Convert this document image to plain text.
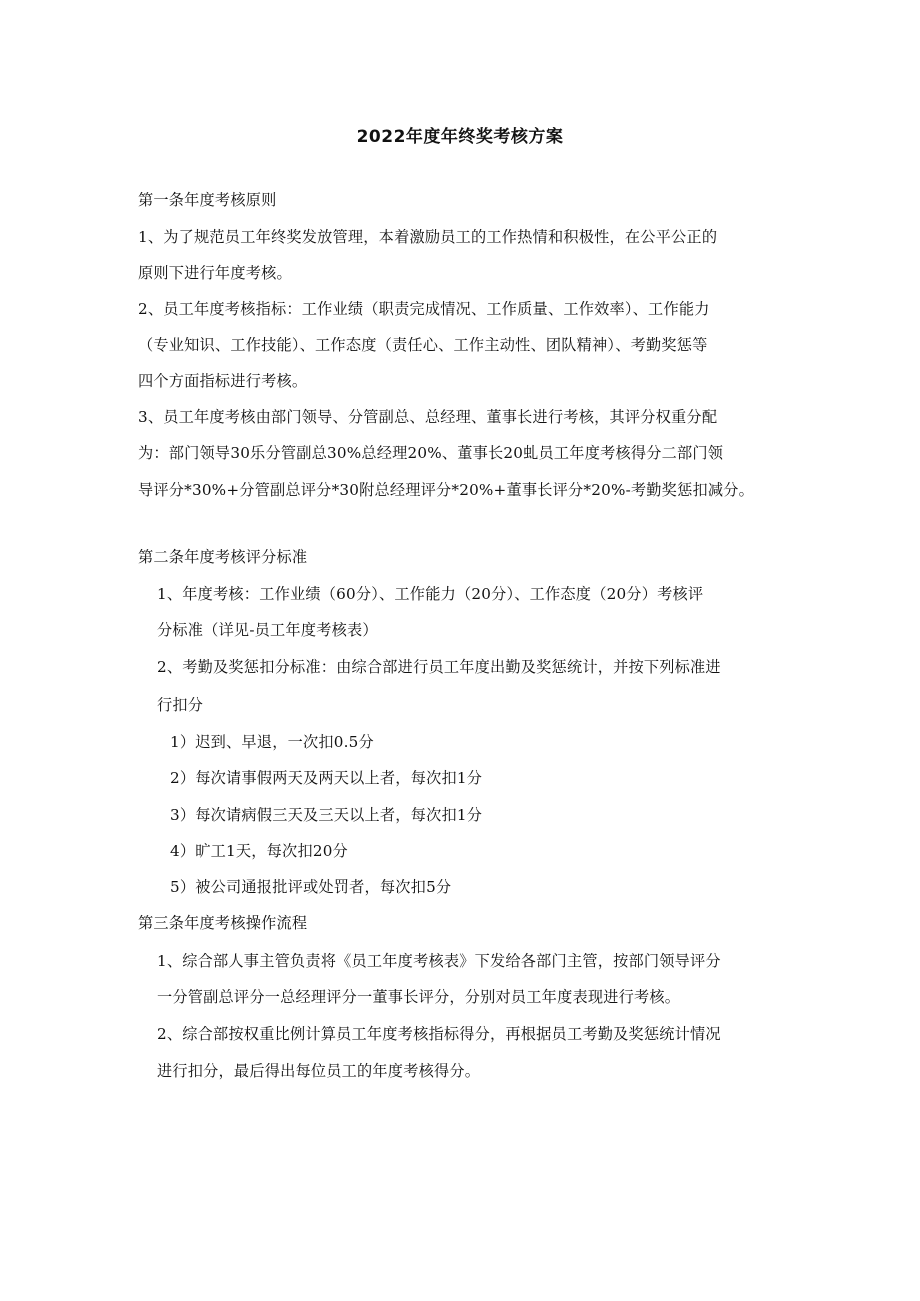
2022年度年终奖考核方案
第一条年度考核原则
1、为了规范员工年终奖发放管理，本着激励员工的工作热情和积极性，在公平公正的
原则下进行年度考核。
2、员工年度考核指标：工作业绩（职责完成情况、工作质量、工作效率）、工作能力
（专业知识、工作技能）、工作态度（责任心、工作主动性、团队精神）、考勤奖惩等
四个方面指标进行考核。
3、员工年度考核由部门领导、分管副总、总经理、董事长进行考核，其评分权重分配
为：部门领导30乐分管副总30%总经理20%、董事长20虬员工年度考核得分二部门领
导评分*30%+分管副总评分*30附总经理评分*20%+董事长评分*20%-考勤奖惩扣减分。
第二条年度考核评分标准
1、年度考核：工作业绩（60分）、工作能力（20分）、工作态度（20分）考核评
分标准（详见-员工年度考核表）
2、考勤及奖惩扣分标准：由综合部进行员工年度出勤及奖惩统计，并按下列标准进
行扣分
1）迟到、早退，一次扣0.5分
2）每次请事假两天及两天以上者，每次扣1分
3）每次请病假三天及三天以上者，每次扣1分
4）旷工1天，每次扣20分
5）被公司通报批评或处罚者，每次扣5分
第三条年度考核操作流程
1、综合部人事主管负责将《员工年度考核表》下发给各部门主管，按部门领导评分
一分管副总评分一总经理评分一董事长评分，分别对员工年度表现进行考核。
2、综合部按权重比例计算员工年度考核指标得分，再根据员工考勤及奖惩统计情况
进行扣分，最后得出每位员工的年度考核得分。
